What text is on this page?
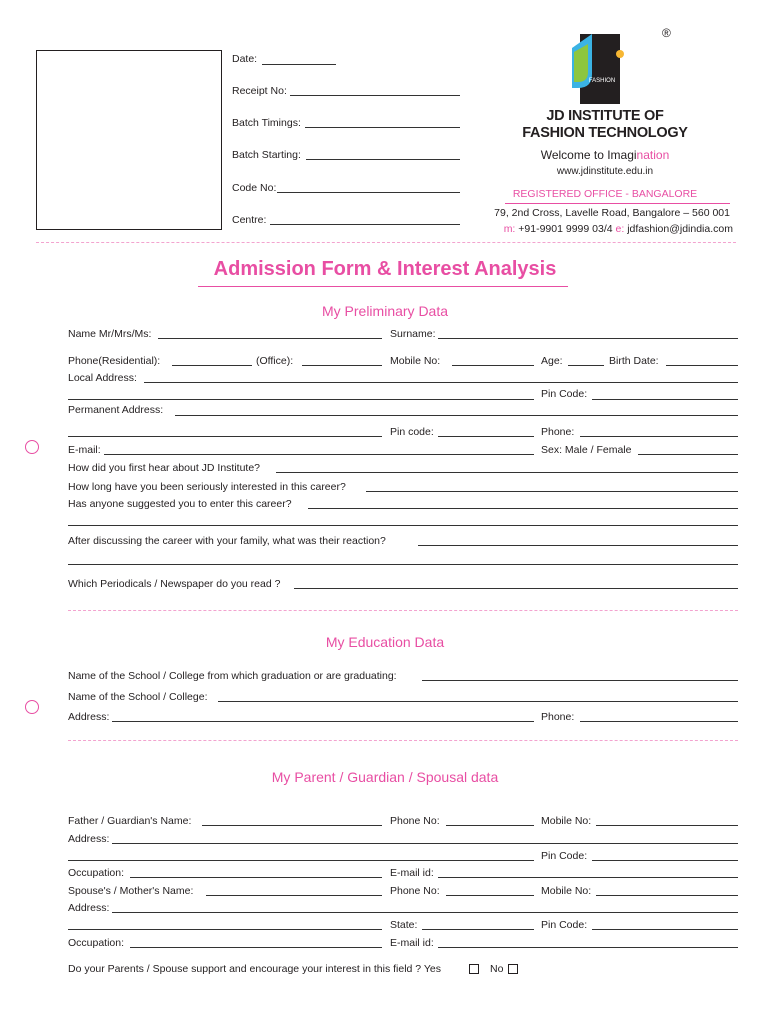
Date:
Receipt No:
Batch Timings:
Batch Starting:
Code No:
Centre:
®
FASHION
JD INSTITUTE OF
FASHION TECHNOLOGY
Welcome to Imagination
www.jdinstitute.edu.in
REGISTERED OFFICE - BANGALORE
79, 2nd Cross, Lavelle Road, Bangalore – 560 001
m: +91-9901 9999 03/4 e: jdfashion@jdindia.com
Admission Form & Interest Analysis
My Preliminary Data
Name Mr/Mrs/Ms:	Surname:
Phone(Residential):	(Office):	Mobile No:	Age:	Birth Date:
Local Address:
Pin Code:
Permanent Address:
Pin code:	Phone:
E-mail:	Sex: Male / Female
How did you first hear about JD Institute?
How long have you been seriously interested in this career?
Has anyone suggested you to enter this career?
After discussing the career with your family, what was their reaction?
Which Periodicals / Newspaper do you read ?
My Education Data
Name of the School / College from which graduation or are graduating:
Name of the School / College:
Address:	Phone:
My Parent / Guardian / Spousal data
Father / Guardian's Name:	Phone No:	Mobile No:
Address:
Pin Code:
Occupation:	E-mail id:
Spouse's / Mother's Name:	Phone No:	Mobile No:
Address:
State:	Pin Code:
Occupation:	E-mail id:
Do your Parents / Spouse support and encourage your interest in this field ? Yes	No
